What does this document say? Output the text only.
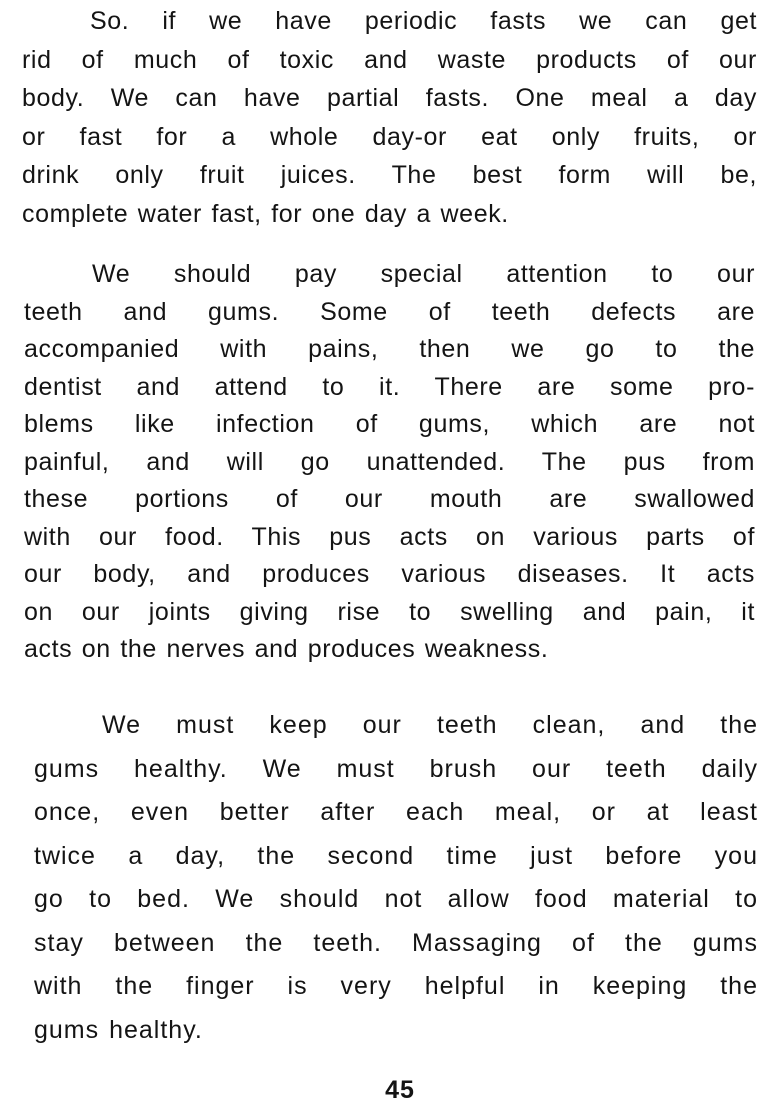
So. if we have periodic fasts we can get
rid of much of toxic and waste products of our
body. We can have partial fasts. One meal a day
or fast for a whole day-or eat only fruits, or
drink only fruit juices. The best form will be,
complete water fast, for one day a week.
We should pay special attention to our
teeth and gums. Some of teeth defects are
accompanied with pains, then we go to the
dentist and attend to it. There are some pro-
blems like infection of gums, which are not
painful, and will go unattended. The pus from
these portions of our mouth are swallowed
with our food. This pus acts on various parts of
our body, and produces various diseases. It acts
on our joints giving rise to swelling and pain, it
acts on the nerves and produces weakness.
We must keep our teeth clean, and the
gums healthy. We must brush our teeth daily
once, even better after each meal, or at least
twice a day, the second time just before you
go to bed. We should not allow food material to
stay between the teeth. Massaging of the gums
with the finger is very helpful in keeping the
gums healthy.
45
